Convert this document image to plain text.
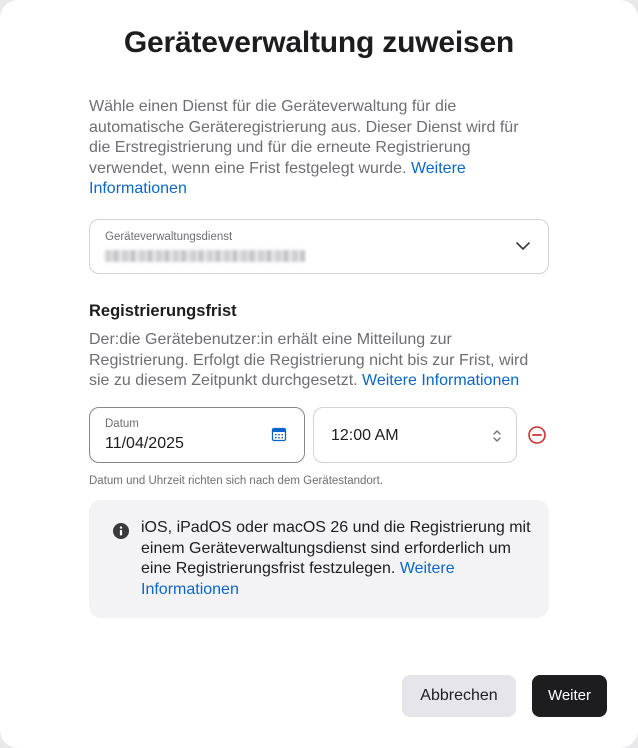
Geräteverwaltung zuweisen
Wähle einen Dienst für die Geräteverwaltung für die automatische Geräteregistrierung aus. Dieser Dienst wird für die Erstregistrierung und für die erneute Registrierung verwendet, wenn eine Frist festgelegt wurde. Weitere Informationen
Geräteverwaltungsdienst
Registrierungsfrist
Der:die Gerätebenutzer:in erhält eine Mitteilung zur Registrierung. Erfolgt die Registrierung nicht bis zur Frist, wird sie zu diesem Zeitpunkt durchgesetzt. Weitere Informationen
Datum
11/04/2025	12:00 AM
Datum und Uhrzeit richten sich nach dem Gerätestandort.
iOS, iPadOS oder macOS 26 und die Registrierung mit einem Geräteverwaltungsdienst sind erforderlich um eine Registrierungsfrist festzulegen. Weitere Informationen
Abbrechen	Weiter
